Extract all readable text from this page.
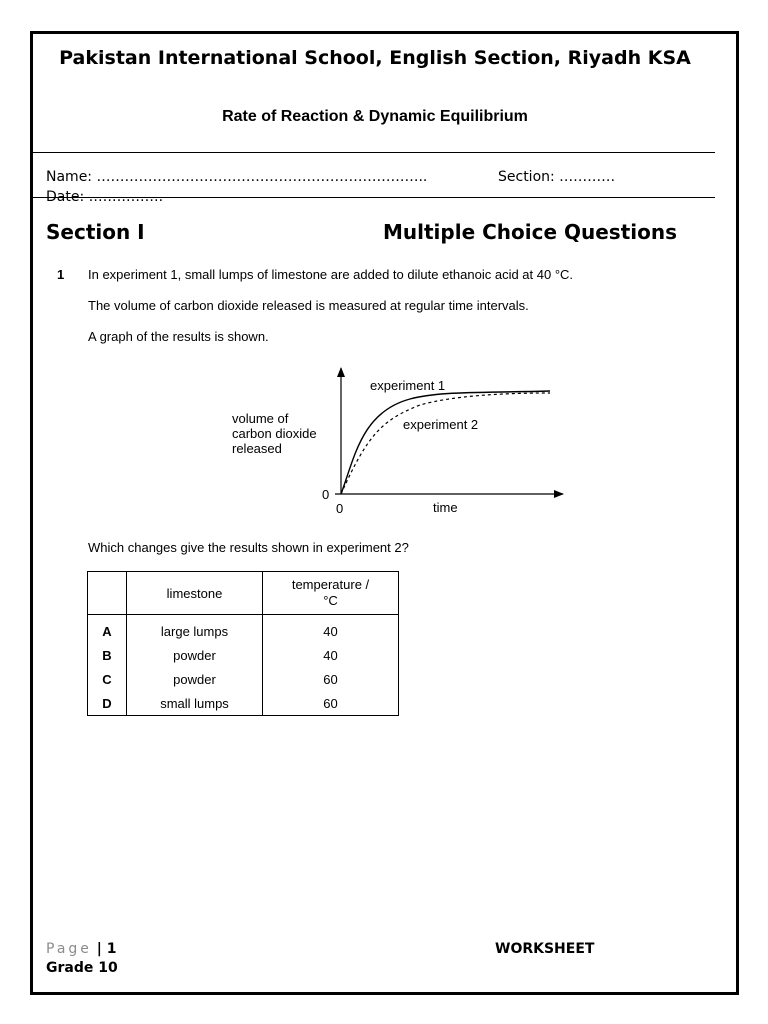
Pakistan International School, English Section, Riyadh KSA
Rate of Reaction & Dynamic Equilibrium
Name: ……………………………………………………………..	Section: …………
Date: …………….
Section I	Multiple Choice Questions
1 In experiment 1, small lumps of limestone are added to dilute ethanoic acid at 40 °C.
The volume of carbon dioxide released is measured at regular time intervals.
A graph of the results is shown.
experiment 1
experiment 2
volume of
carbon dioxide
released
0
0	time
Which changes give the results shown in experiment 2?
	limestone	temperature / °C
A	large lumps	40
B	powder	40
C	powder	60
D	small lumps	60
Page | 1
Grade 10
WORKSHEET
